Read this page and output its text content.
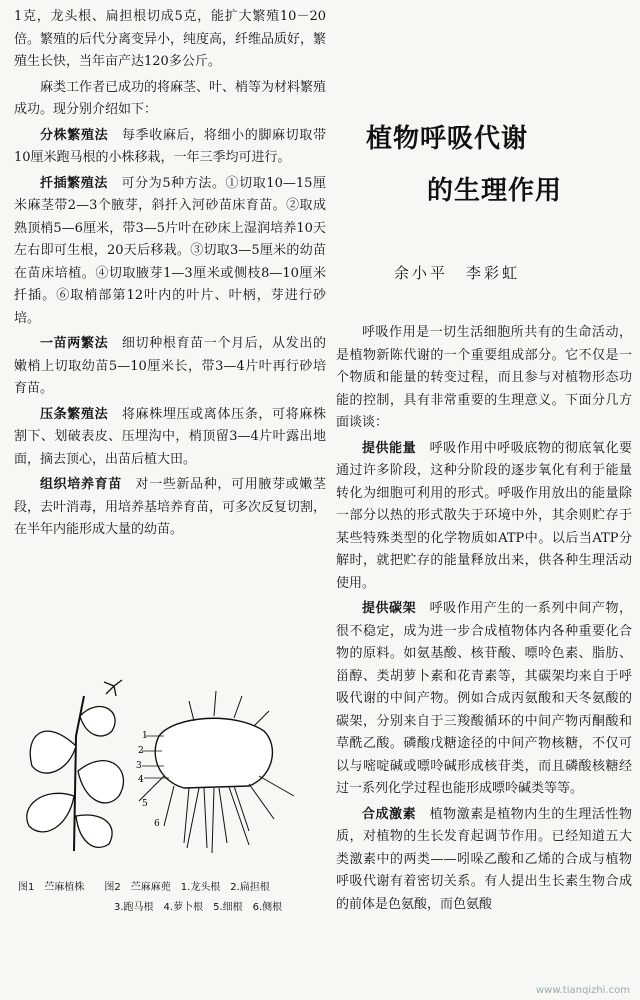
1克，龙头根、扁担根切成5克，能扩大繁殖10－20倍。繁殖的后代分离变异小，纯度高，纤维品质好，繁殖生长快，当年亩产达120多公斤。

麻类工作者已成功的将麻茎、叶、梢等为材料繁殖成功。现分别介绍如下：

分株繁殖法　 每季收麻后，将细小的脚麻切取带10厘米跑马根的小株移栽，一年三季均可进行。

扦插繁殖法　 可分为5种方法。①切取10—15厘米麻茎带2—3个腋芽，斜扦入河砂苗床育苗。②取成熟顶梢5—6厘米，带3—5片叶在砂床上湿润培养10天左右即可生根，20天后移栽。③切取3—5厘米的幼苗在苗床培植。④切取腋芽1—3厘米或侧枝8—10厘米扦插。⑥取梢部第12叶内的叶片、叶柄，芽进行砂培。

一苗两繁法　 细切种根育苗一个月后，从发出的嫩梢上切取幼苗5—10厘米长，带3—4片叶再行砂培育苗。

压条繁殖法　 将麻株埋压或离体压条，可将麻株割下、划破表皮、压埋沟中，梢顶留3—4片叶露出地面，摘去顶心，出苗后植大田。

组织培养育苗　 对一些新品种，可用腋芽或嫩茎段，去叶消毒，用培养基培养育苗，可多次反复切割，在半年内能形成大量的幼苗。

1
2
3
4
5
6
图1　苎麻植株　　图2　苎麻麻蔸　1.龙头根　2.扁担根
3.跑马根　4.萝卜根　5.细根　6.侧根
植物呼吸代谢
的生理作用
余小平　李彩虹

呼吸作用是一切生活细胞所共有的生命活动，是植物新陈代谢的一个重要组成部分。它不仅是一个物质和能量的转变过程，而且参与对植物形态功能的控制，具有非常重要的生理意义。下面分几方面谈谈：

提供能量　 呼吸作用中呼吸底物的彻底氧化要通过许多阶段，这种分阶段的逐步氧化有利于能量转化为细胞可利用的形式。呼吸作用放出的能量除一部分以热的形式散失于环境中外，其余则贮存于某些特殊类型的化学物质如ATP中。以后当ATP分解时，就把贮存的能量释放出来，供各种生理活动使用。

提供碳架　 呼吸作用产生的一系列中间产物，很不稳定，成为进一步合成植物体内各种重要化合物的原料。如氨基酸、核苷酸、嘌呤色素、脂肪、甾醇、类胡萝卜素和花青素等，其碳架均来自于呼吸代谢的中间产物。例如合成丙氨酸和天冬氨酸的碳架，分别来自于三羧酸循环的中间产物丙酮酸和草酰乙酸。磷酸戊糖途径的中间产物核糖，不仅可以与嘧啶碱或嘌呤碱形成核苷类，而且磷酸核糖经过一系列化学过程也能形成嘌呤碱类等等。

合成激素　 植物激素是植物内生的生理活性物质，对植物的生长发育起调节作用。已经知道五大类激素中的两类——吲哚乙酸和乙烯的合成与植物呼吸代谢有着密切关系。有人提出生长素生物合成的前体是色氨酸，而色氨酸

www.tianqizhi.com
